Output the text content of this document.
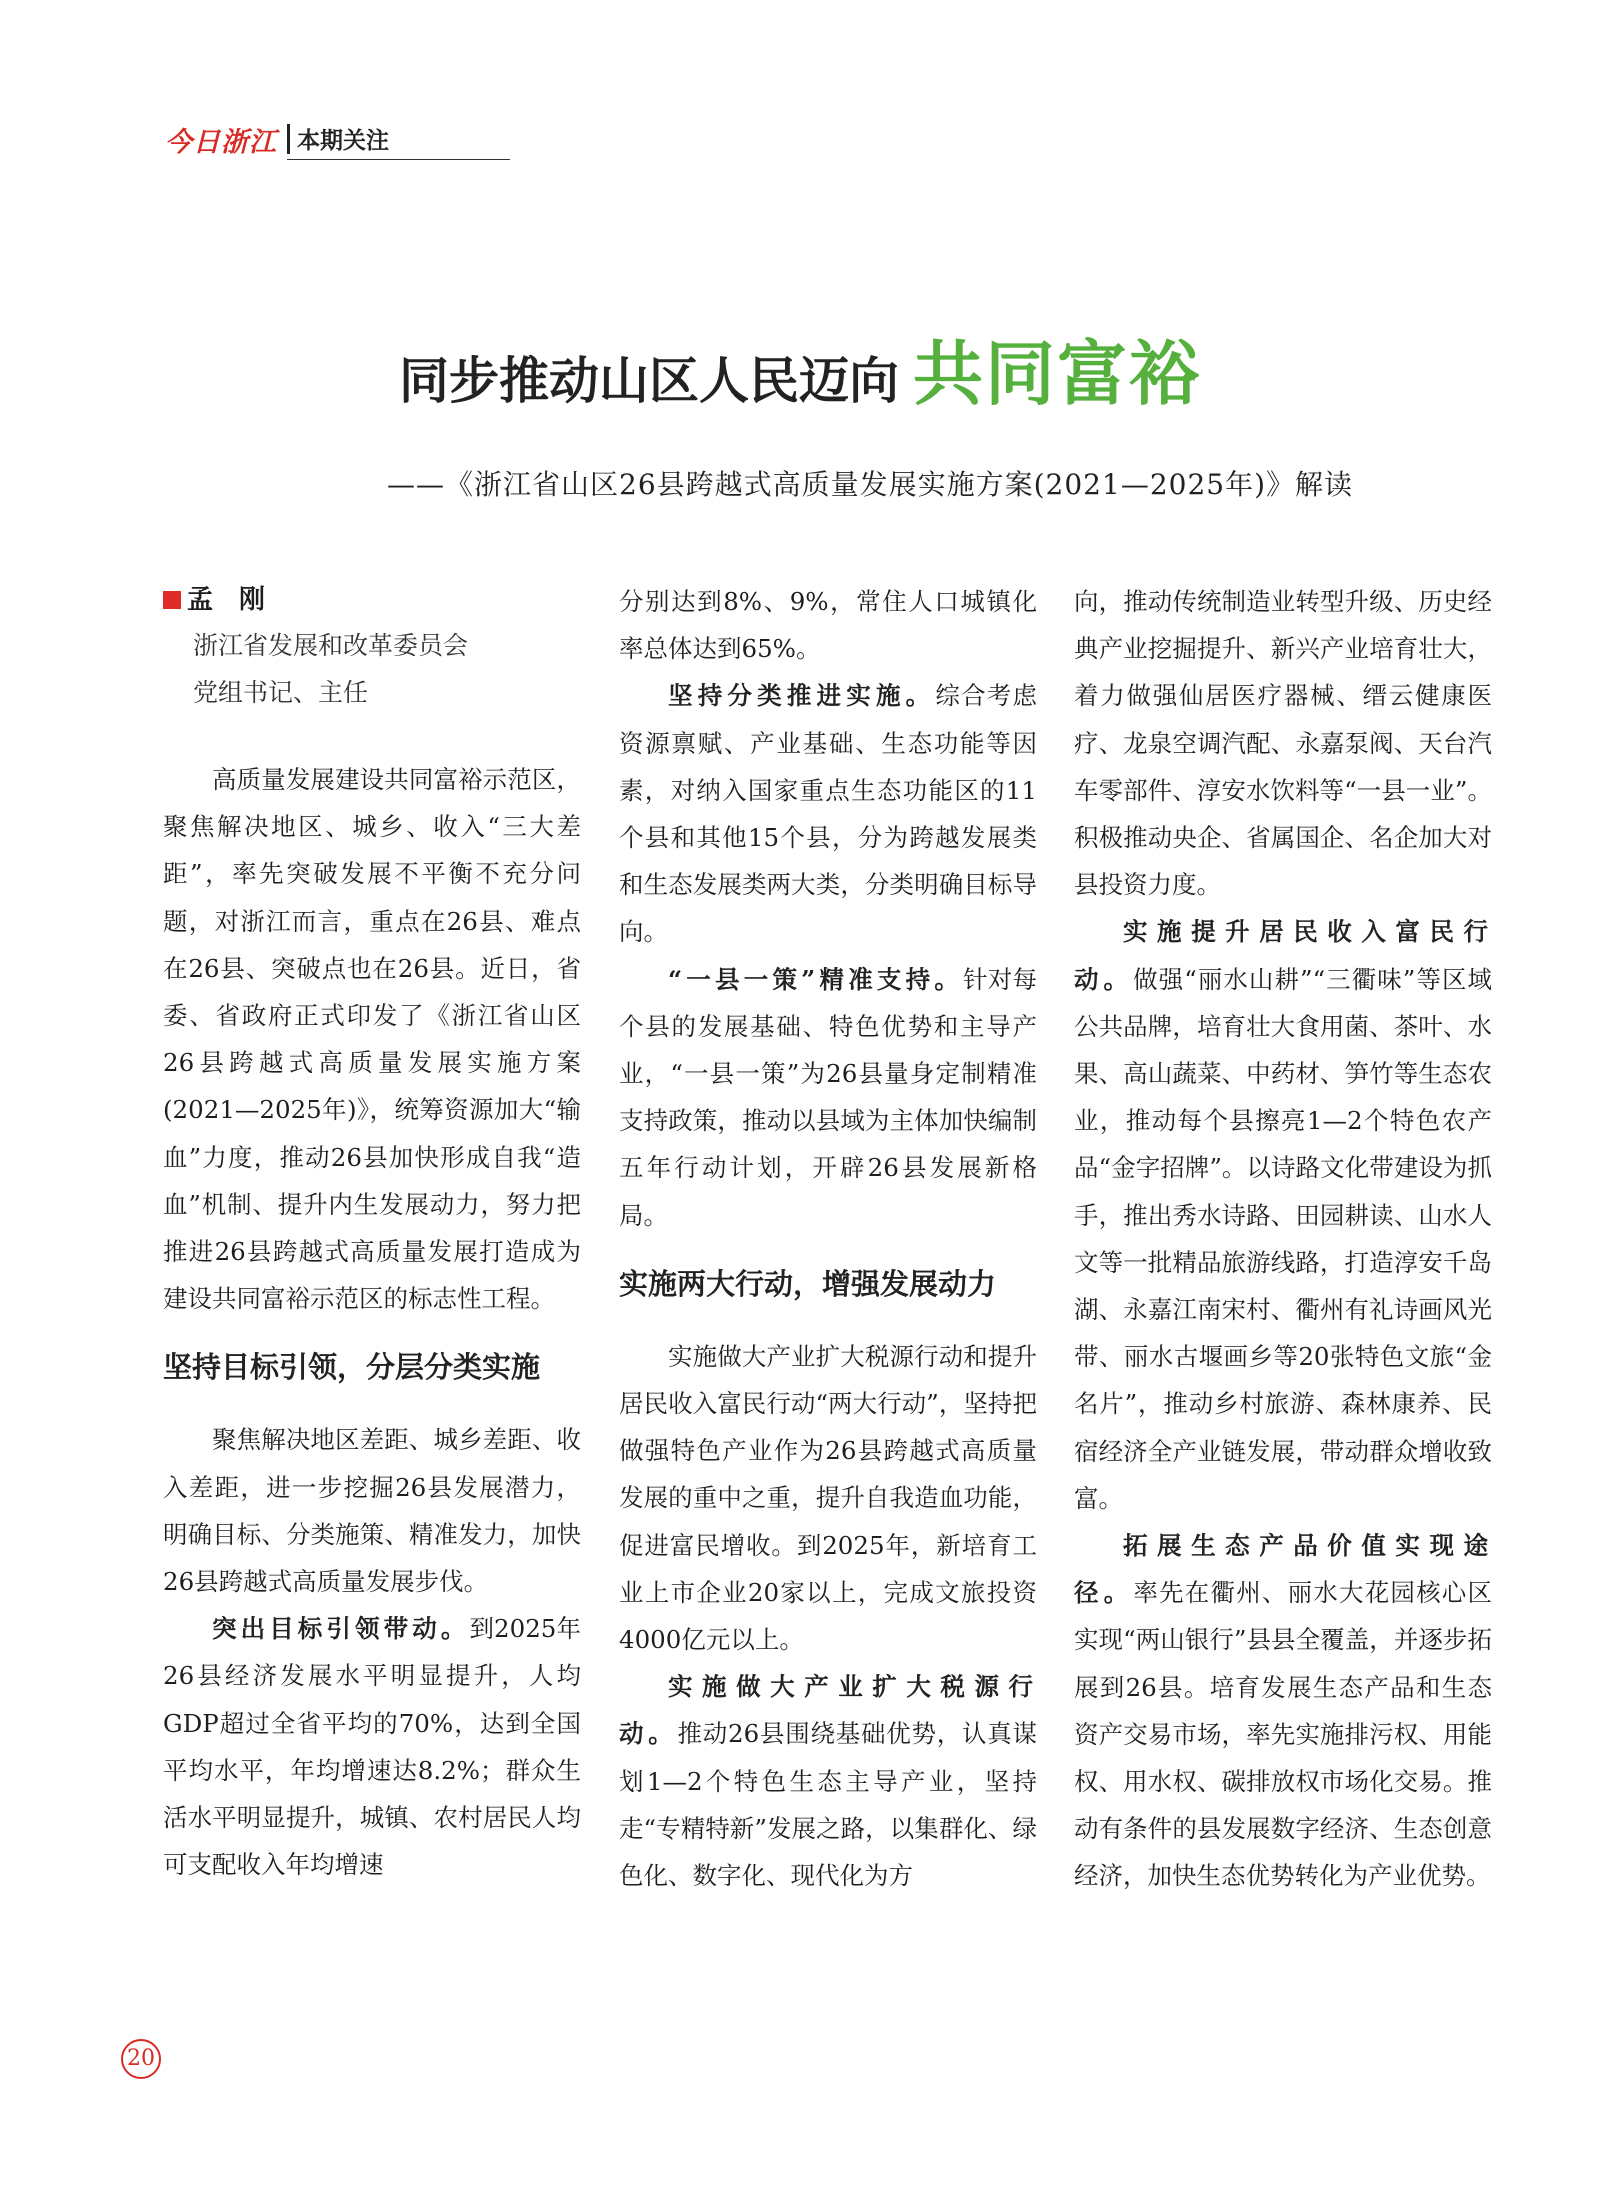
今日浙江 本期关注
同步推动山区人民迈向 共同富裕
——《浙江省山区26县跨越式高质量发展实施方案(2021—2025年)》解读
孟　刚
浙江省发展和改革委员会
党组书记、主任

高质量发展建设共同富裕示范区，聚焦解决地区、城乡、收入“三大差距”，率先突破发展不平衡不充分问题，对浙江而言，重点在26县、难点在26县、突破点也在26县。近日，省委、省政府正式印发了《浙江省山区26县跨越式高质量发展实施方案(2021—2025年)》，统筹资源加大“输血”力度，推动26县加快形成自我“造血”机制、提升内生发展动力，努力把推进26县跨越式高质量发展打造成为建设共同富裕示范区的标志性工程。

坚持目标引领，分层分类实施

聚焦解决地区差距、城乡差距、收入差距，进一步挖掘26县发展潜力，明确目标、分类施策、精准发力，加快26县跨越式高质量发展步伐。

突出目标引领带动。到2025年26县经济发展水平明显提升，人均GDP超过全省平均的70%，达到全国平均水平，年均增速达8.2%；群众生活水平明显提升，城镇、农村居民人均可支配收入年均增速

分别达到8%、9%，常住人口城镇化率总体达到65%。

坚持分类推进实施。综合考虑资源禀赋、产业基础、生态功能等因素，对纳入国家重点生态功能区的11个县和其他15个县，分为跨越发展类和生态发展类两大类，分类明确目标导向。

“一县一策”精准支持。针对每个县的发展基础、特色优势和主导产业，“一县一策”为26县量身定制精准支持政策，推动以县域为主体加快编制五年行动计划，开辟26县发展新格局。

实施两大行动，增强发展动力

实施做大产业扩大税源行动和提升居民收入富民行动“两大行动”，坚持把做强特色产业作为26县跨越式高质量发展的重中之重，提升自我造血功能，促进富民增收。到2025年，新培育工业上市企业20家以上，完成文旅投资4000亿元以上。

实施做大产业扩大税源行动。推动26县围绕基础优势，认真谋划1—2个特色生态主导产业，坚持走“专精特新”发展之路，以集群化、绿色化、数字化、现代化为方

向，推动传统制造业转型升级、历史经典产业挖掘提升、新兴产业培育壮大，着力做强仙居医疗器械、缙云健康医疗、龙泉空调汽配、永嘉泵阀、天台汽车零部件、淳安水饮料等“一县一业”。积极推动央企、省属国企、名企加大对县投资力度。

实施提升居民收入富民行动。做强“丽水山耕”“三衢味”等区域公共品牌，培育壮大食用菌、茶叶、水果、高山蔬菜、中药材、笋竹等生态农业，推动每个县擦亮1—2个特色农产品“金字招牌”。以诗路文化带建设为抓手，推出秀水诗路、田园耕读、山水人文等一批精品旅游线路，打造淳安千岛湖、永嘉江南宋村、衢州有礼诗画风光带、丽水古堰画乡等20张特色文旅“金名片”，推动乡村旅游、森林康养、民宿经济全产业链发展，带动群众增收致富。

拓展生态产品价值实现途径。率先在衢州、丽水大花园核心区实现“两山银行”县县全覆盖，并逐步拓展到26县。培育发展生态产品和生态资产交易市场，率先实施排污权、用能权、用水权、碳排放权市场化交易。推动有条件的县发展数字经济、生态创意经济，加快生态优势转化为产业优势。

20
